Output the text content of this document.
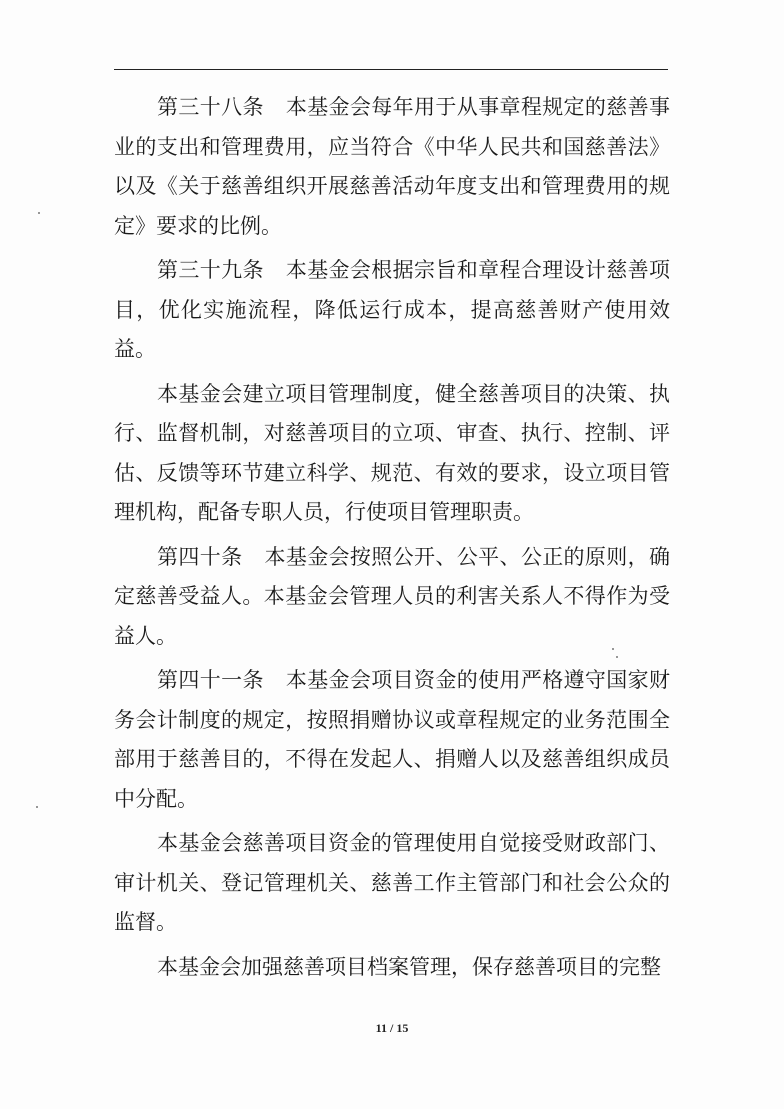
第三十八条 本基金会每年用于从事章程规定的慈善事业的支出和管理费用，应当符合《中华人民共和国慈善法》以及《关于慈善组织开展慈善活动年度支出和管理费用的规定》要求的比例。

第三十九条 本基金会根据宗旨和章程合理设计慈善项目，优化实施流程，降低运行成本，提高慈善财产使用效益。

本基金会建立项目管理制度，健全慈善项目的决策、执行、监督机制，对慈善项目的立项、审查、执行、控制、评估、反馈等环节建立科学、规范、有效的要求，设立项目管理机构，配备专职人员，行使项目管理职责。

第四十条 本基金会按照公开、公平、公正的原则，确定慈善受益人。本基金会管理人员的利害关系人不得作为受益人。

第四十一条 本基金会项目资金的使用严格遵守国家财务会计制度的规定，按照捐赠协议或章程规定的业务范围全部用于慈善目的，不得在发起人、捐赠人以及慈善组织成员中分配。

本基金会慈善项目资金的管理使用自觉接受财政部门、审计机关、登记管理机关、慈善工作主管部门和社会公众的监督。

本基金会加强慈善项目档案管理，保存慈善项目的完整

11 / 15
